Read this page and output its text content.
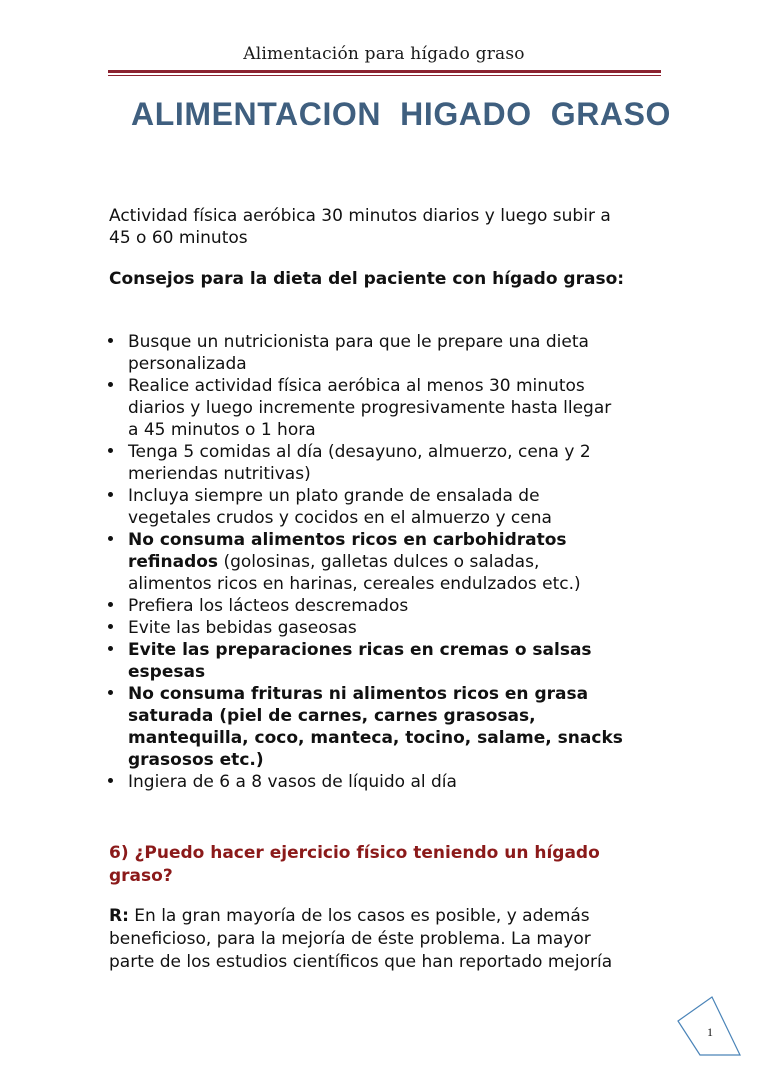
Alimentación para hígado graso
ALIMENTACION  HIGADO  GRASO
Actividad física aeróbica 30 minutos diarios y luego subir a
45 o 60 minutos
Consejos para la dieta del paciente con hígado graso:
Busque un nutricionista para que le prepare una dieta
personalizada
Realice actividad física aeróbica al menos 30 minutos
diarios y luego incremente progresivamente hasta llegar
a 45 minutos o 1 hora
Tenga 5 comidas al día (desayuno, almuerzo, cena y 2
meriendas nutritivas)
Incluya siempre un plato grande de ensalada de
vegetales crudos y cocidos en el almuerzo y cena
No consuma alimentos ricos en carbohidratos
refinados (golosinas, galletas dulces o saladas,
alimentos ricos en harinas, cereales endulzados etc.)
Prefiera los lácteos descremados
Evite las bebidas gaseosas
Evite las preparaciones ricas en cremas o salsas
espesas
No consuma frituras ni alimentos ricos en grasa
saturada (piel de carnes, carnes grasosas,
mantequilla, coco, manteca, tocino, salame, snacks
grasosos etc.)
Ingiera de 6 a 8 vasos de líquido al día
6) ¿Puedo hacer ejercicio físico teniendo un hígado
graso?
R: En la gran mayoría de los casos es posible, y además
beneficioso, para la mejoría de éste problema. La mayor
parte de los estudios científicos que han reportado mejoría
1
